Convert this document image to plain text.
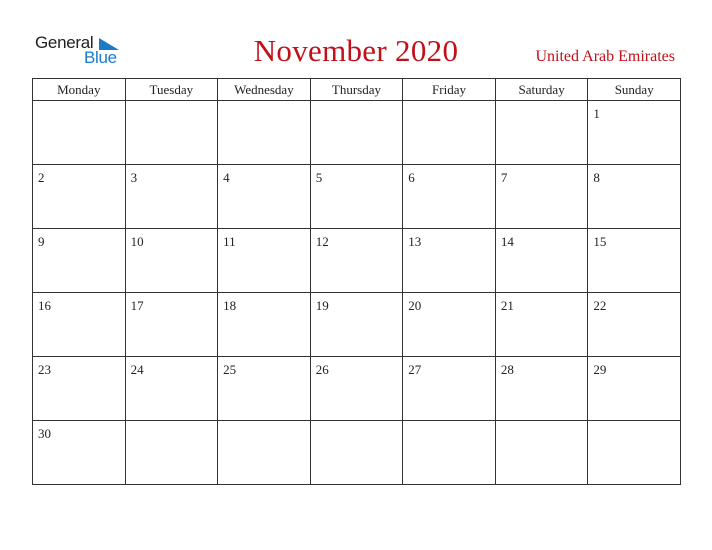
General
Blue	November 2020	United Arab Emirates
Monday	Tuesday	Wednesday	Thursday	Friday	Saturday	Sunday

						1

2	3	4	5	6	7	8

9	10	11	12	13	14	15

16	17	18	19	20	21	22

23	24	25	26	27	28	29

30						
